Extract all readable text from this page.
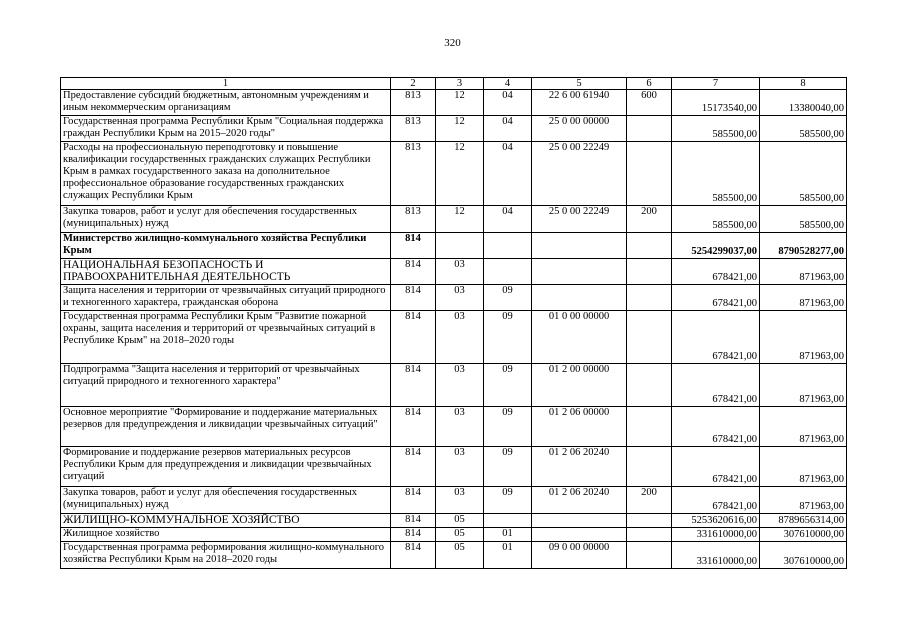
320
1	2	3	4	5	6	7	8
Предоставление субсидий бюджетным, автономным учреждениям и иным некоммерческим организациям	813	12	04	22 6 00 61940	600	15173540,00	13380040,00
Государственная программа Республики Крым "Социальная поддержка граждан Республики Крым на 2015–2020 годы"	813	12	04	25 0 00 00000		585500,00	585500,00
Расходы на профессиональную переподготовку и повышение квалификации государственных гражданских служащих Республики Крым в рамках государственного заказа на дополнительное профессиональное образование государственных гражданских служащих Республики Крым	813	12	04	25 0 00 22249		585500,00	585500,00
Закупка товаров, работ и услуг для обеспечения государственных (муниципальных) нужд	813	12	04	25 0 00 22249	200	585500,00	585500,00
Министерство жилищно-коммунального хозяйства Республики Крым	814					5254299037,00	8790528277,00
НАЦИОНАЛЬНАЯ БЕЗОПАСНОСТЬ И ПРАВООХРАНИТЕЛЬНАЯ ДЕЯТЕЛЬНОСТЬ	814	03				678421,00	871963,00
Защита населения и территории от чрезвычайных ситуаций природного и техногенного характера, гражданская оборона	814	03	09			678421,00	871963,00
Государственная программа Республики Крым "Развитие пожарной охраны, защита населения и территорий от чрезвычайных ситуаций в Республике Крым" на 2018–2020 годы	814	03	09	01 0 00 00000		678421,00	871963,00
Подпрограмма "Защита населения и территорий от чрезвычайных ситуаций природного и техногенного характера"	814	03	09	01 2 00 00000		678421,00	871963,00
Основное мероприятие "Формирование и поддержание материальных резервов для предупреждения и ликвидации чрезвычайных ситуаций"	814	03	09	01 2 06 00000		678421,00	871963,00
Формирование и поддержание резервов материальных ресурсов Республики Крым для предупреждения и ликвидации чрезвычайных ситуаций	814	03	09	01 2 06 20240		678421,00	871963,00
Закупка товаров, работ и услуг для обеспечения государственных (муниципальных) нужд	814	03	09	01 2 06 20240	200	678421,00	871963,00
ЖИЛИЩНО-КОММУНАЛЬНОЕ ХОЗЯЙСТВО	814	05				5253620616,00	8789656314,00
Жилищное хозяйство	814	05	01			331610000,00	307610000,00
Государственная программа реформирования жилищно-коммунального хозяйства Республики Крым на 2018–2020 годы	814	05	01	09 0 00 00000		331610000,00	307610000,00
